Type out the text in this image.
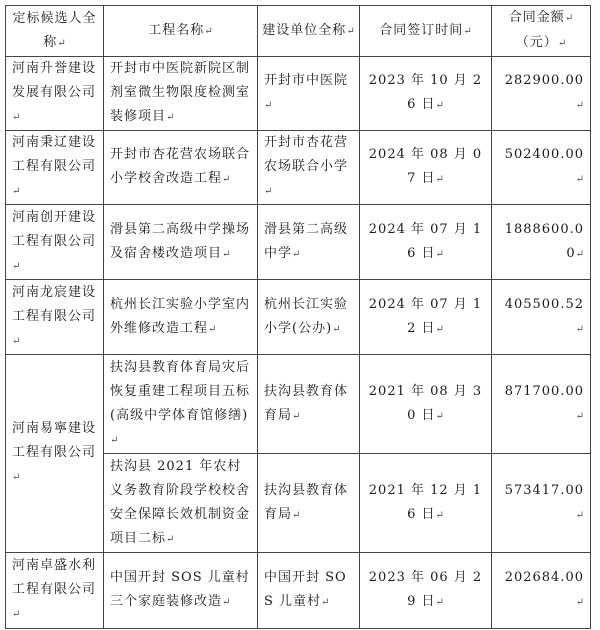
定标候选人全称↵	工程名称↵	建设单位全称↵	合同签订时间↵	合同金额↵
（元）↵
河南升誉建设发展有限公司↵	开封市中医院新院区制剂室微生物限度检测室装修项目↵	开封市中医院↵	2023 年 10 月 26 日↵	282900.00↵
河南秉辽建设工程有限公司↵	开封市杏花营农场联合小学校舍改造工程↵	开封市杏花营农场联合小学↵	2024 年 08 月 07 日↵	502400.00↵
河南创开建设工程有限公司↵	滑县第二高级中学操场及宿舍楼改造项目↵	滑县第二高级中学↵	2024 年 07 月 16 日↵	1888600.00↵
河南龙宸建设工程有限公司↵	杭州长江实验小学室内外维修改造工程↵	杭州长江实验小学(公办)↵	2024 年 07 月 12 日↵	405500.52↵
河南易寧建设工程有限公司↵	扶沟县教育体育局灾后恢复重建工程项目五标(高级中学体育馆修缮)↵	扶沟县教育体育局↵	2021 年 08 月 30 日↵	871700.00↵
	扶沟县 2021 年农村义务教育阶段学校校舍安全保障长效机制资金项目二标↵	扶沟县教育体育局↵	2021 年 12 月 16 日↵	573417.00↵
河南卓盛水利工程有限公司↵	中国开封 SOS 儿童村三个家庭装修改造↵	中国开封 SOS 儿童村↵	2023 年 06 月 29 日↵	202684.00↵
